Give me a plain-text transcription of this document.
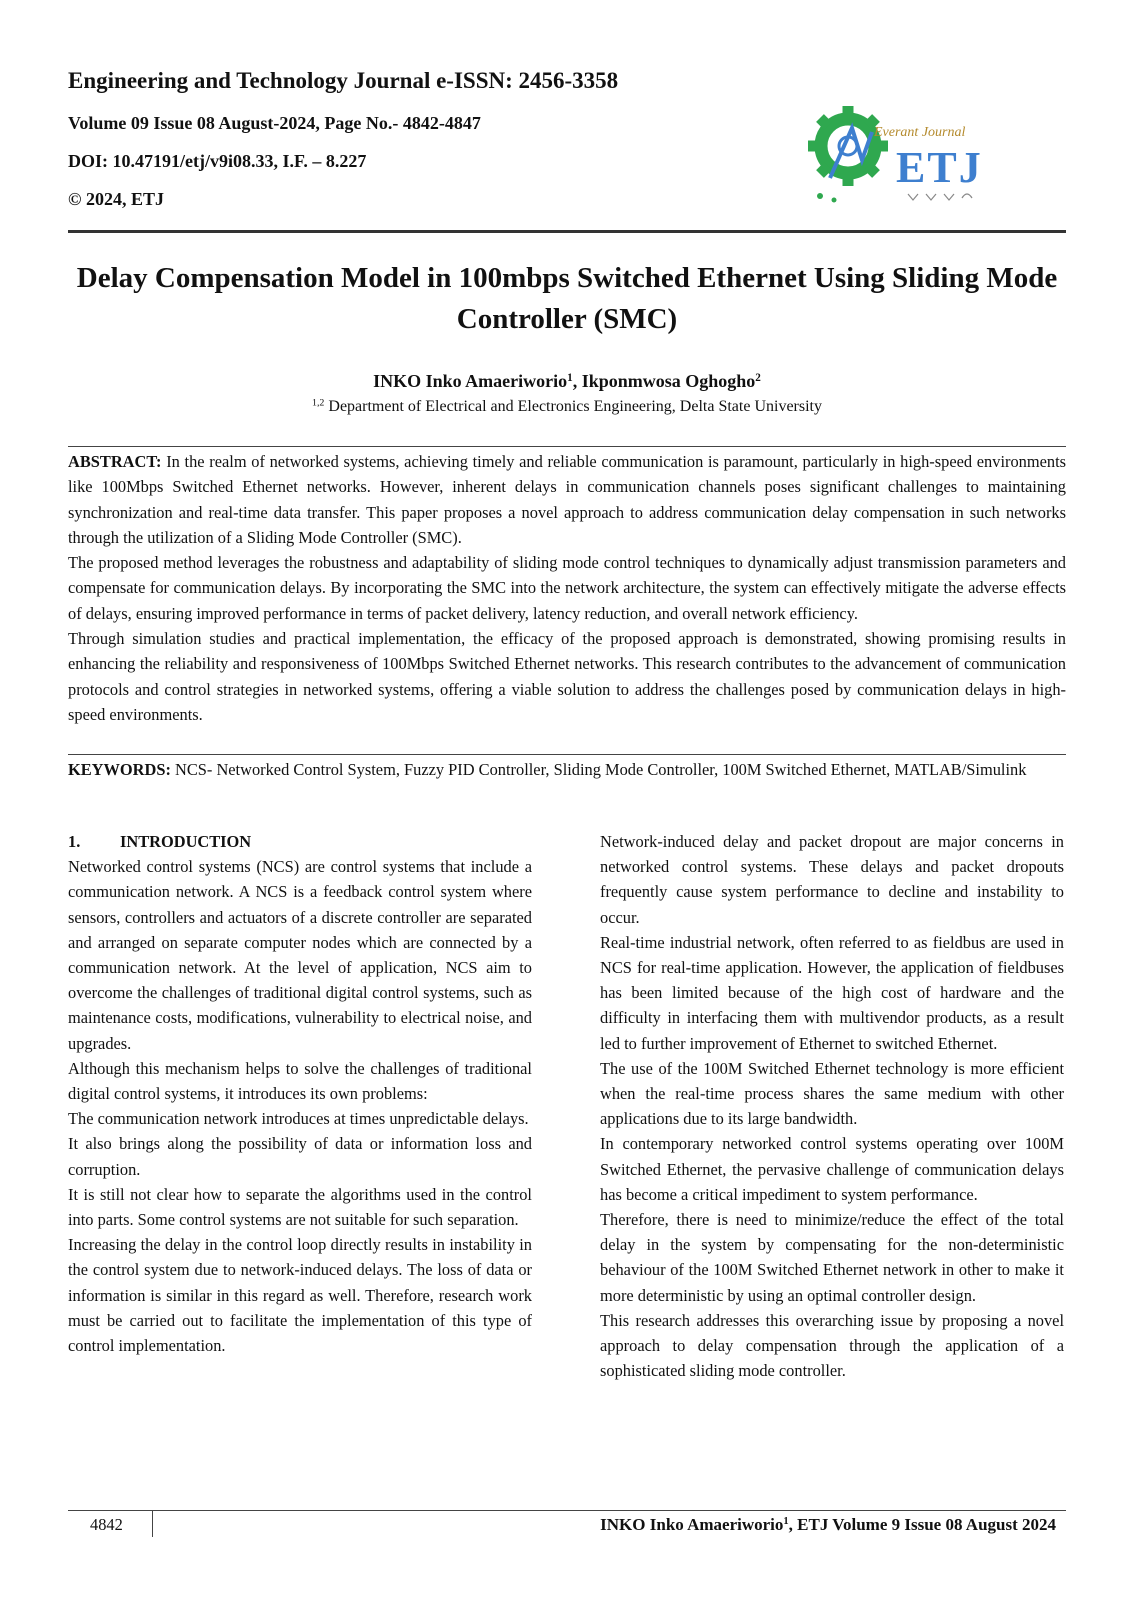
Engineering and Technology Journal e-ISSN: 2456-3358
Volume 09 Issue 08 August-2024, Page No.- 4842-4847
DOI: 10.47191/etj/v9i08.33, I.F. – 8.227
© 2024, ETJ
Everant Journal
ETJ
Delay Compensation Model in 100mbps Switched Ethernet Using Sliding Mode Controller (SMC)
INKO Inko Amaeriworio$^1$, Ikponmwosa Oghogho$^2$
$^{1,2}$ Department of Electrical and Electronics Engineering, Delta State University

ABSTRACT: In the realm of networked systems, achieving timely and reliable communication is paramount, particularly in high-speed environments like 100Mbps Switched Ethernet networks. However, inherent delays in communication channels poses significant challenges to maintaining synchronization and real-time data transfer. This paper proposes a novel approach to address communication delay compensation in such networks through the utilization of a Sliding Mode Controller (SMC).

The proposed method leverages the robustness and adaptability of sliding mode control techniques to dynamically adjust transmission parameters and compensate for communication delays. By incorporating the SMC into the network architecture, the system can effectively mitigate the adverse effects of delays, ensuring improved performance in terms of packet delivery, latency reduction, and overall network efficiency.

Through simulation studies and practical implementation, the efficacy of the proposed approach is demonstrated, showing promising results in enhancing the reliability and responsiveness of 100Mbps Switched Ethernet networks. This research contributes to the advancement of communication protocols and control strategies in networked systems, offering a viable solution to address the challenges posed by communication delays in high-speed environments.

KEYWORDS: NCS- Networked Control System, Fuzzy PID Controller, Sliding Mode Controller, 100M Switched Ethernet, MATLAB/Simulink

1. INTRODUCTION

Networked control systems (NCS) are control systems that include a communication network. A NCS is a feedback control system where sensors, controllers and actuators of a discrete controller are separated and arranged on separate computer nodes which are connected by a communication network. At the level of application, NCS aim to overcome the challenges of traditional digital control systems, such as maintenance costs, modifications, vulnerability to electrical noise, and upgrades.

Although this mechanism helps to solve the challenges of traditional digital control systems, it introduces its own problems:

The communication network introduces at times unpredictable delays.

It also brings along the possibility of data or information loss and corruption.

It is still not clear how to separate the algorithms used in the control into parts. Some control systems are not suitable for such separation.

Increasing the delay in the control loop directly results in instability in the control system due to network-induced delays. The loss of data or information is similar in this regard as well. Therefore, research work must be carried out to facilitate the implementation of this type of control implementation.

Network-induced delay and packet dropout are major concerns in networked control systems. These delays and packet dropouts frequently cause system performance to decline and instability to occur.

Real-time industrial network, often referred to as fieldbus are used in NCS for real-time application. However, the application of fieldbuses has been limited because of the high cost of hardware and the difficulty in interfacing them with multivendor products, as a result led to further improvement of Ethernet to switched Ethernet.

The use of the 100M Switched Ethernet technology is more efficient when the real-time process shares the same medium with other applications due to its large bandwidth.

In contemporary networked control systems operating over 100M Switched Ethernet, the pervasive challenge of communication delays has become a critical impediment to system performance.

Therefore, there is need to minimize/reduce the effect of the total delay in the system by compensating for the non-deterministic behaviour of the 100M Switched Ethernet network in other to make it more deterministic by using an optimal controller design.

This research addresses this overarching issue by proposing a novel approach to delay compensation through the application of a sophisticated sliding mode controller.

4842	INKO Inko Amaeriworio$^1$, ETJ Volume 9 Issue 08 August 2024
